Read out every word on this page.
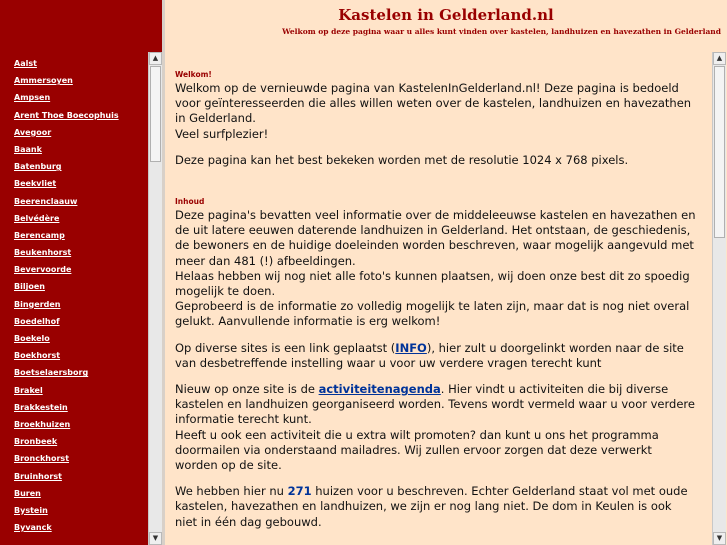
Aalst
Ammersoyen
Ampsen
Arent Thoe Boecophuis
Avegoor
Baank
Batenburg
Beekvliet
Beerenclaauw
Belvédère
Berencamp
Beukenhorst
Bevervoorde
Biljoen
Bingerden
Boedelhof
Boekelo
Boekhorst
Boetselaersborg
Brakel
Brakkestein
Broekhuizen
Bronbeek
Bronckhorst
Bruinhorst
Buren
Bystein
Byvanck
▲
▼
Kastelen in Gelderland.nl
Welkom op deze pagina waar u alles kunt vinden over kastelen, landhuizen en havezathen in Gelderland
Welkom!

Welkom op de vernieuwde pagina van KastelenInGelderland.nl! Deze pagina is bedoeld voor geïnteresseerden die alles willen weten over de kastelen, landhuizen en havezathen in Gelderland.

Veel surfplezier!

Deze pagina kan het best bekeken worden met de resolutie 1024 x 768 pixels.

Inhoud

Deze pagina's bevatten veel informatie over de middeleeuwse kastelen en havezathen en de uit latere eeuwen daterende landhuizen in Gelderland. Het ontstaan, de geschiedenis, de bewoners en de huidige doeleinden worden beschreven, waar mogelijk aangevuld met meer dan 481 (!) afbeeldingen.

Helaas hebben wij nog niet alle foto's kunnen plaatsen, wij doen onze best dit zo spoedig mogelijk te doen.

Geprobeerd is de informatie zo volledig mogelijk te laten zijn, maar dat is nog niet overal gelukt. Aanvullende informatie is erg welkom!

Op diverse sites is een link geplaatst (INFO), hier zult u doorgelinkt worden naar de site van desbetreffende instelling waar u voor uw verdere vragen terecht kunt

Nieuw op onze site is de activiteitenagenda. Hier vindt u activiteiten die bij diverse kastelen en landhuizen georganiseerd worden. Tevens wordt vermeld waar u voor verdere informatie terecht kunt.

Heeft u ook een activiteit die u extra wilt promoten? dan kunt u ons het programma doormailen via onderstaand mailadres. Wij zullen ervoor zorgen dat deze verwerkt worden op de site.

We hebben hier nu 271 huizen voor u beschreven. Echter Gelderland staat vol met oude kastelen, havezathen en landhuizen, we zijn er nog lang niet. De dom in Keulen is ook niet in één dag gebouwd.

▲
▼
